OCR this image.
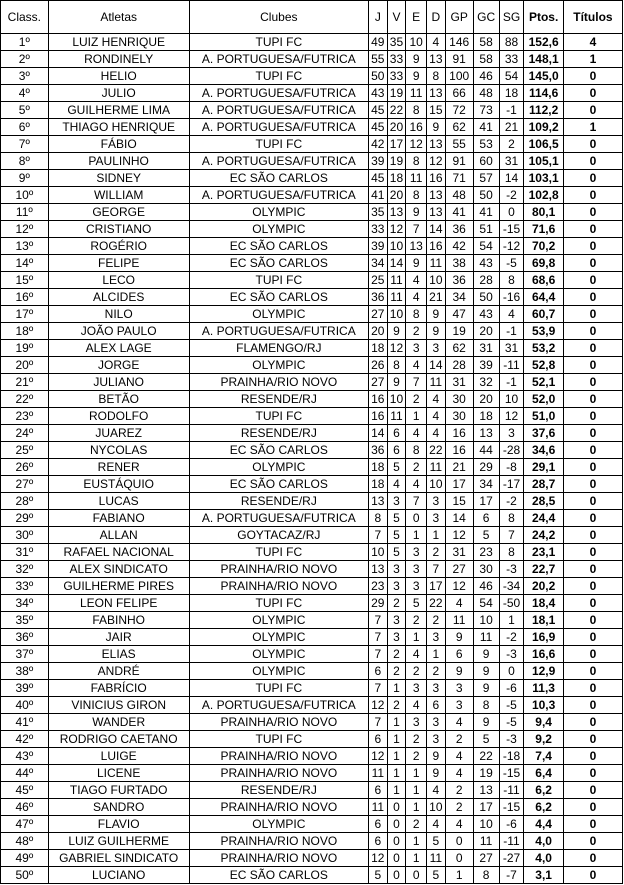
Class.	Atletas	Clubes	J	V	E	D	GP	GC	SG	Ptos.	Títulos
1º	LUIZ HENRIQUE	TUPI FC	49	35	10	4	146	58	88	152,6	4
2º	RONDINELY	A. PORTUGUESA/FUTRICA	55	33	9	13	91	58	33	148,1	1
3º	HELIO	TUPI FC	50	33	9	8	100	46	54	145,0	0
4º	JULIO	A. PORTUGUESA/FUTRICA	43	19	11	13	66	48	18	114,6	0
5º	GUILHERME LIMA	A. PORTUGUESA/FUTRICA	45	22	8	15	72	73	-1	112,2	0
6º	THIAGO HENRIQUE	A. PORTUGUESA/FUTRICA	45	20	16	9	62	41	21	109,2	1
7º	FÁBIO	TUPI FC	42	17	12	13	55	53	2	106,5	0
8º	PAULINHO	A. PORTUGUESA/FUTRICA	39	19	8	12	91	60	31	105,1	0
9º	SIDNEY	EC SÃO CARLOS	45	18	11	16	71	57	14	103,1	0
10º	WILLIAM	A. PORTUGUESA/FUTRICA	41	20	8	13	48	50	-2	102,8	0
11º	GEORGE	OLYMPIC	35	13	9	13	41	41	0	80,1	0
12º	CRISTIANO	OLYMPIC	33	12	7	14	36	51	-15	71,6	0
13º	ROGÉRIO	EC SÃO CARLOS	39	10	13	16	42	54	-12	70,2	0
14º	FELIPE	EC SÃO CARLOS	34	14	9	11	38	43	-5	69,8	0
15º	LECO	TUPI FC	25	11	4	10	36	28	8	68,6	0
16º	ALCIDES	EC SÃO CARLOS	36	11	4	21	34	50	-16	64,4	0
17º	NILO	OLYMPIC	27	10	8	9	47	43	4	60,7	0
18º	JOÃO PAULO	A. PORTUGUESA/FUTRICA	20	9	2	9	19	20	-1	53,9	0
19º	ALEX LAGE	FLAMENGO/RJ	18	12	3	3	62	31	31	53,2	0
20º	JORGE	OLYMPIC	26	8	4	14	28	39	-11	52,8	0
21º	JULIANO	PRAINHA/RIO NOVO	27	9	7	11	31	32	-1	52,1	0
22º	BETÃO	RESENDE/RJ	16	10	2	4	30	20	10	52,0	0
23º	RODOLFO	TUPI FC	16	11	1	4	30	18	12	51,0	0
24º	JUAREZ	RESENDE/RJ	14	6	4	4	16	13	3	37,6	0
25º	NYCOLAS	EC SÃO CARLOS	36	6	8	22	16	44	-28	34,6	0
26º	RENER	OLYMPIC	18	5	2	11	21	29	-8	29,1	0
27º	EUSTÁQUIO	EC SÃO CARLOS	18	4	4	10	17	34	-17	28,7	0
28º	LUCAS	RESENDE/RJ	13	3	7	3	15	17	-2	28,5	0
29º	FABIANO	A. PORTUGUESA/FUTRICA	8	5	0	3	14	6	8	24,4	0
30º	ALLAN	GOYTACAZ/RJ	7	5	1	1	12	5	7	24,2	0
31º	RAFAEL NACIONAL	TUPI FC	10	5	3	2	31	23	8	23,1	0
32º	ALEX SINDICATO	PRAINHA/RIO NOVO	13	3	3	7	27	30	-3	22,7	0
33º	GUILHERME PIRES	PRAINHA/RIO NOVO	23	3	3	17	12	46	-34	20,2	0
34º	LEON FELIPE	TUPI FC	29	2	5	22	4	54	-50	18,4	0
35º	FABINHO	OLYMPIC	7	3	2	2	11	10	1	18,1	0
36º	JAIR	OLYMPIC	7	3	1	3	9	11	-2	16,9	0
37º	ELIAS	OLYMPIC	7	2	4	1	6	9	-3	16,6	0
38º	ANDRÉ	OLYMPIC	6	2	2	2	9	9	0	12,9	0
39º	FABRÍCIO	TUPI FC	7	1	3	3	3	9	-6	11,3	0
40º	VINICIUS GIRON	A. PORTUGUESA/FUTRICA	12	2	4	6	3	8	-5	10,3	0
41º	WANDER	PRAINHA/RIO NOVO	7	1	3	3	4	9	-5	9,4	0
42º	RODRIGO CAETANO	TUPI FC	6	1	2	3	2	5	-3	9,2	0
43º	LUIGE	PRAINHA/RIO NOVO	12	1	2	9	4	22	-18	7,4	0
44º	LICENE	PRAINHA/RIO NOVO	11	1	1	9	4	19	-15	6,4	0
45º	TIAGO FURTADO	RESENDE/RJ	6	1	1	4	2	13	-11	6,2	0
46º	SANDRO	PRAINHA/RIO NOVO	11	0	1	10	2	17	-15	6,2	0
47º	FLAVIO	OLYMPIC	6	0	2	4	4	10	-6	4,4	0
48º	LUIZ GUILHERME	PRAINHA/RIO NOVO	6	0	1	5	0	11	-11	4,0	0
49º	GABRIEL SINDICATO	PRAINHA/RIO NOVO	12	0	1	11	0	27	-27	4,0	0
50º	LUCIANO	EC SÃO CARLOS	5	0	0	5	1	8	-7	3,1	0
